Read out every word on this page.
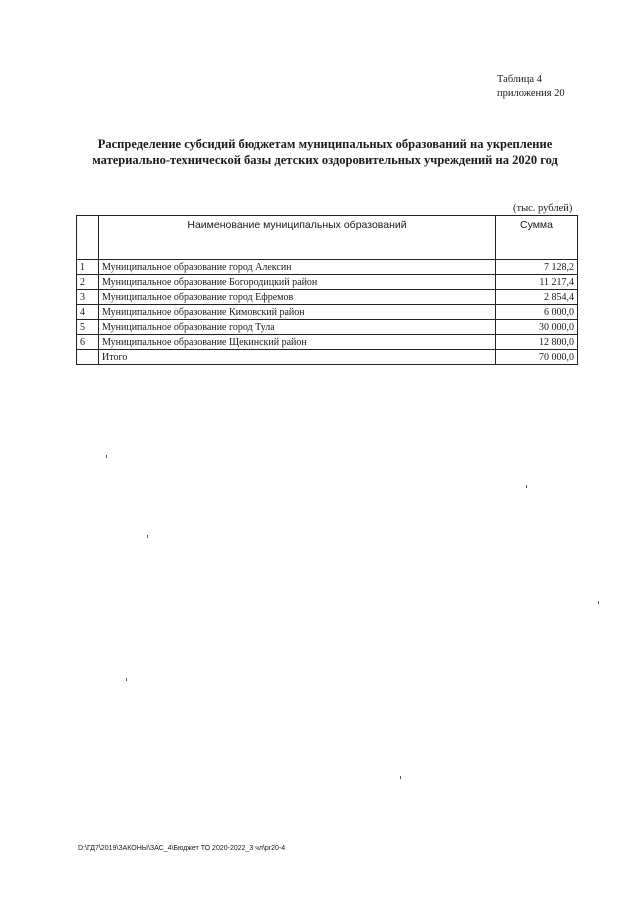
Таблица 4
приложения 20
Распределение субсидий бюджетам муниципальных образований на укрепление
материально-технической базы детских оздоровительных учреждений на 2020 год
(тыс. рублей)
	Наименование муниципальных образований	Сумма
1	Муниципальное образование город Алексин	7 128,2
2	Муниципальное образование Богородицкий район	11 217,4
3	Муниципальное образование город Ефремов	2 854,4
4	Муниципальное образование Кимовский район	6 000,0
5	Муниципальное образование город Тула	30 000,0
6	Муниципальное образование Щекинский район	12 800,0
	Итого	70 000,0
D:\ГД7\2019\ЗАКОНЫ\ЗАС_4\Бюджет ТО 2020-2022_3 чл\pr20-4
